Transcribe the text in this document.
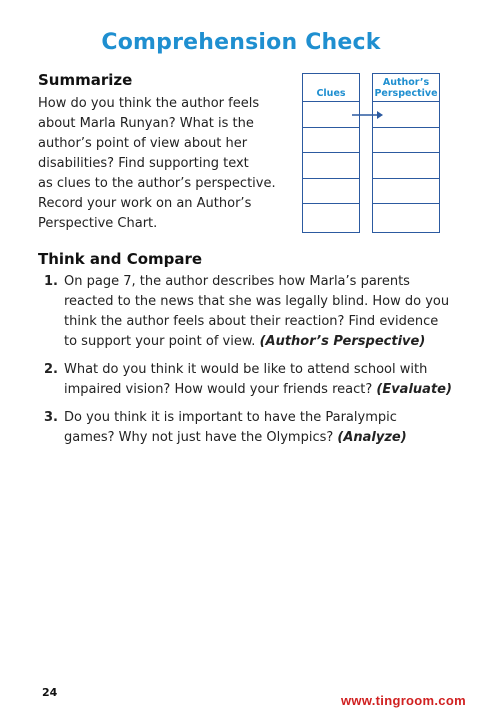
Comprehension Check
Summarize
How do you think the author feels
about Marla Runyan? What is the
author’s point of view about her
disabilities? Find supporting text
as clues to the author’s perspective.
Record your work on an Author’s
Perspective Chart.
Clues
Author’s
Perspective
Think and Compare
1. On page 7, the author describes how Marla’s parents
reacted to the news that she was legally blind. How do you
think the author feels about their reaction? Find evidence
to support your point of view. (Author’s Perspective)
2. What do you think it would be like to attend school with
impaired vision? How would your friends react? (Evaluate)
3. Do you think it is important to have the Paralympic
games? Why not just have the Olympics? (Analyze)
24
www.tingroom.com
